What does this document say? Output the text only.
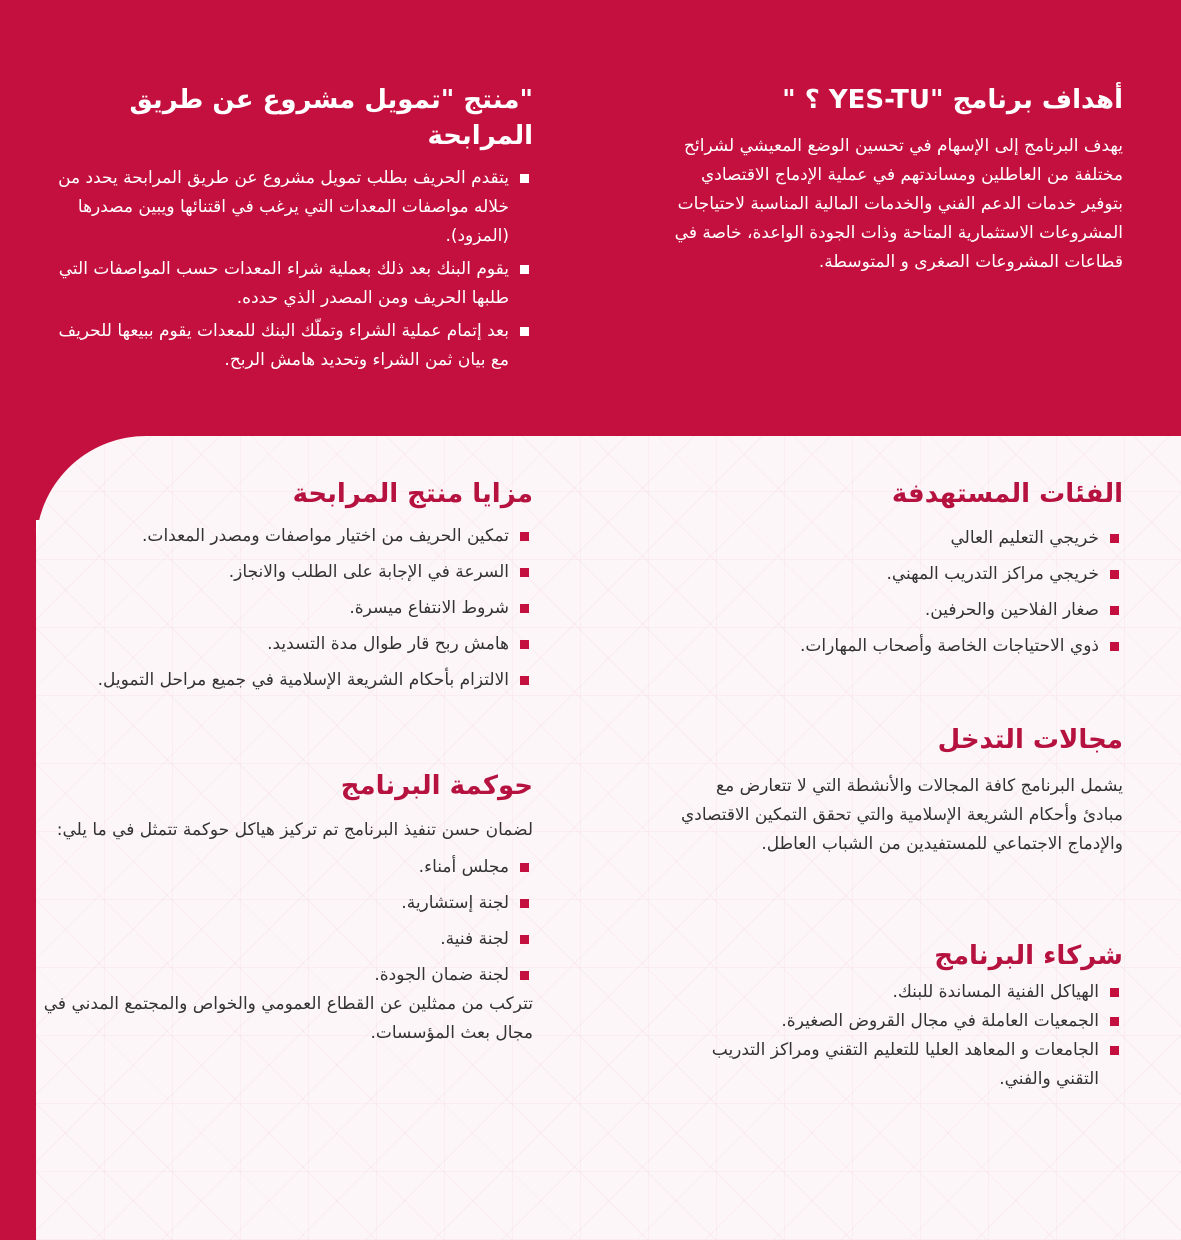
أهداف برنامج "YES-TU ؟ "

يهدف البرنامج إلى الإسهام في تحسين الوضع المعيشي لشرائح مختلفة من العاطلين ومساندتهم في عملية الإدماج الاقتصادي بتوفير خدمات الدعم الفني والخدمات المالية المناسبة لاحتياجات المشروعات الاستثمارية المتاحة وذات الجودة الواعدة، خاصة في قطاعات المشروعات الصغرى و المتوسطة.

"منتج "تمويل مشروع عن طريق المرابحة
يتقدم الحريف بطلب تمويل مشروع عن طريق المرابحة يحدد من خلاله مواصفات المعدات التي يرغب في اقتنائها ويبين مصدرها (المزود).
يقوم البنك بعد ذلك بعملية شراء المعدات حسب المواصفات التي طلبها الحريف ومن المصدر الذي حدده.
بعد إتمام عملية الشراء وتملّك البنك للمعدات يقوم ببيعها للحريف مع بيان ثمن الشراء وتحديد هامش الربح.
الفئات المستهدفة
خريجي التعليم العالي
خريجي مراكز التدريب المهني.
صغار الفلاحين والحرفين.
ذوي الاحتياجات الخاصة وأصحاب المهارات.
مجالات التدخل

يشمل البرنامج كافة المجالات والأنشطة التي لا تتعارض مع مبادئ وأحكام الشريعة الإسلامية والتي تحقق التمكين الاقتصادي والإدماج الاجتماعي للمستفيدين من الشباب العاطل.

شركاء البرنامج
الهياكل الفنية المساندة للبنك.
الجمعيات العاملة في مجال القروض الصغيرة.
الجامعات و المعاهد العليا للتعليم التقني ومراكز التدريب التقني والفني.
مزايا منتج المرابحة
تمكين الحريف من اختيار مواصفات ومصدر المعدات.
السرعة في الإجابة على الطلب والانجاز.
شروط الانتفاع ميسرة.
هامش ربح قار طوال مدة التسديد.
الالتزام بأحكام الشريعة الإسلامية في جميع مراحل التمويل.
حوكمة البرنامج

لضمان حسن تنفيذ البرنامج تم تركيز هياكل حوكمة تتمثل في ما يلي:

مجلس أمناء.
لجنة إستشارية.
لجنة فنية.
لجنة ضمان الجودة.

تتركب من ممثلين عن القطاع العمومي والخواص والمجتمع المدني في مجال بعث المؤسسات.
